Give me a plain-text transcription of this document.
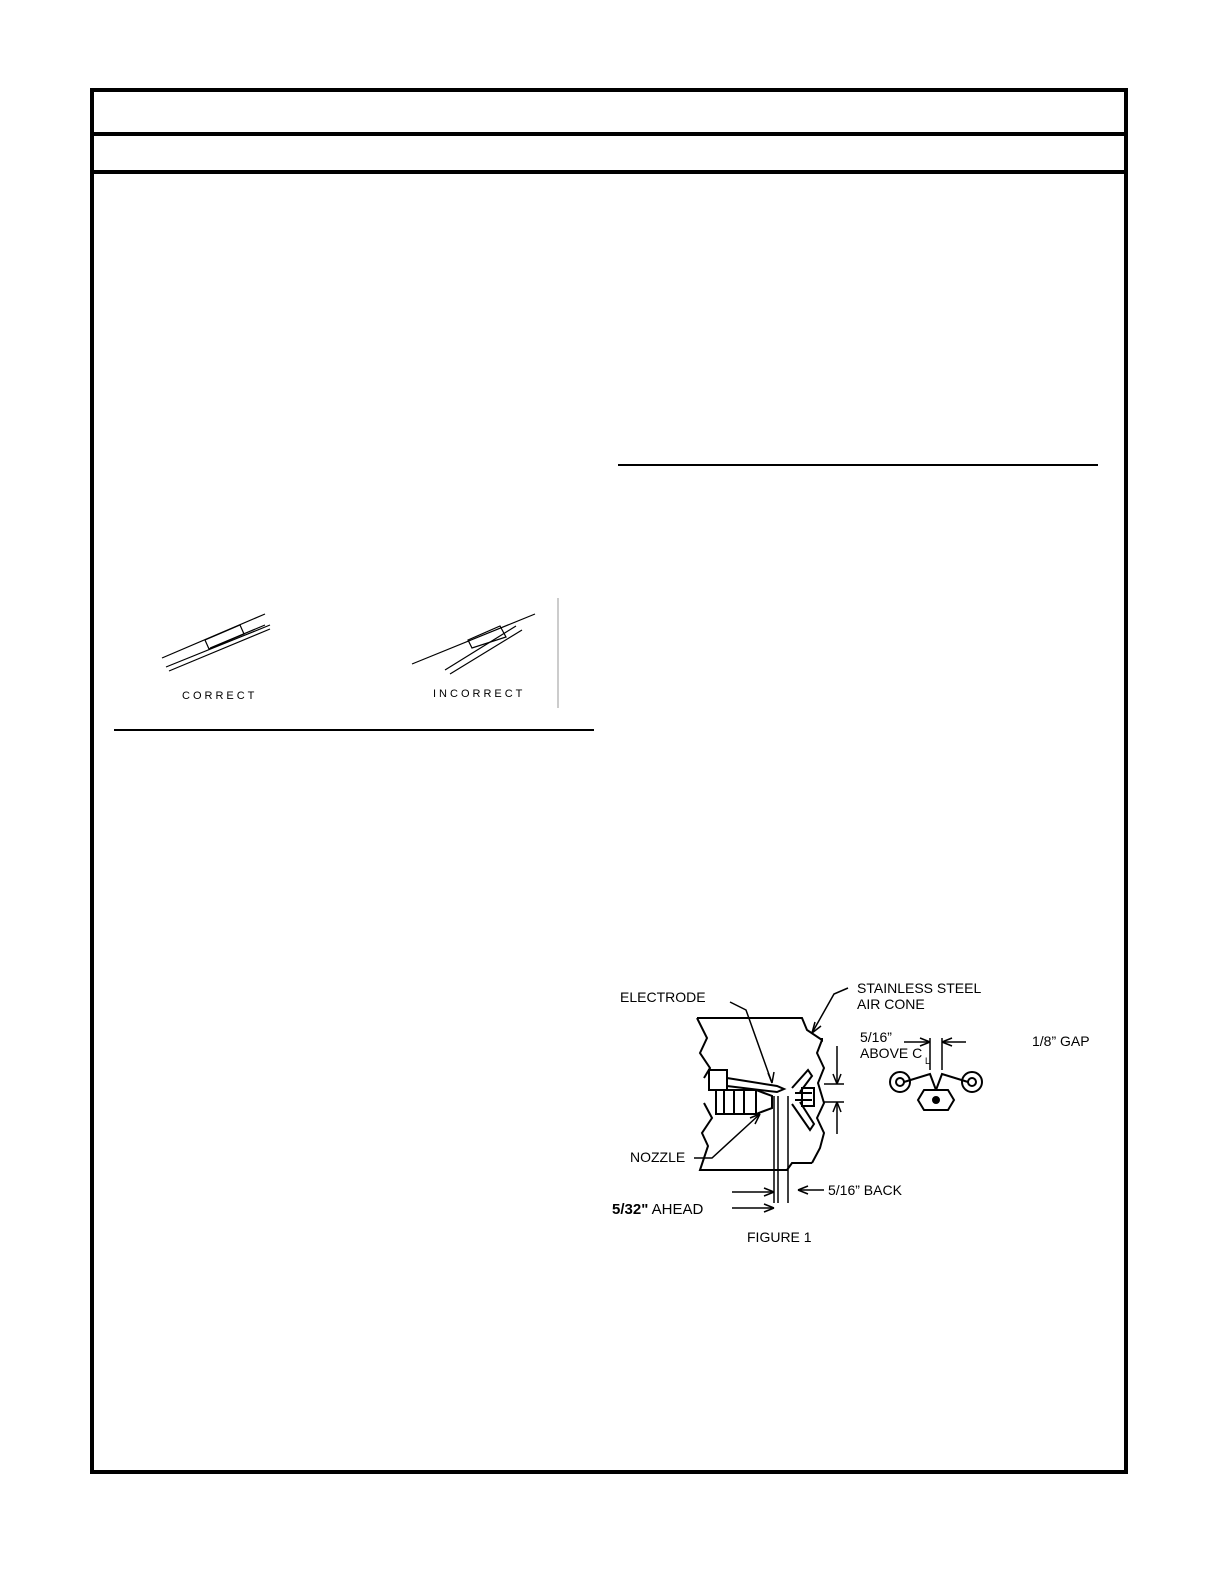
CORRECT	INCORRECT
ELECTRODE
STAINLESS STEEL
AIR CONE
5/16”
ABOVE C L
1/8” GAP
NOZZLE
5/16” BACK
5/32" AHEAD
FIGURE 1
